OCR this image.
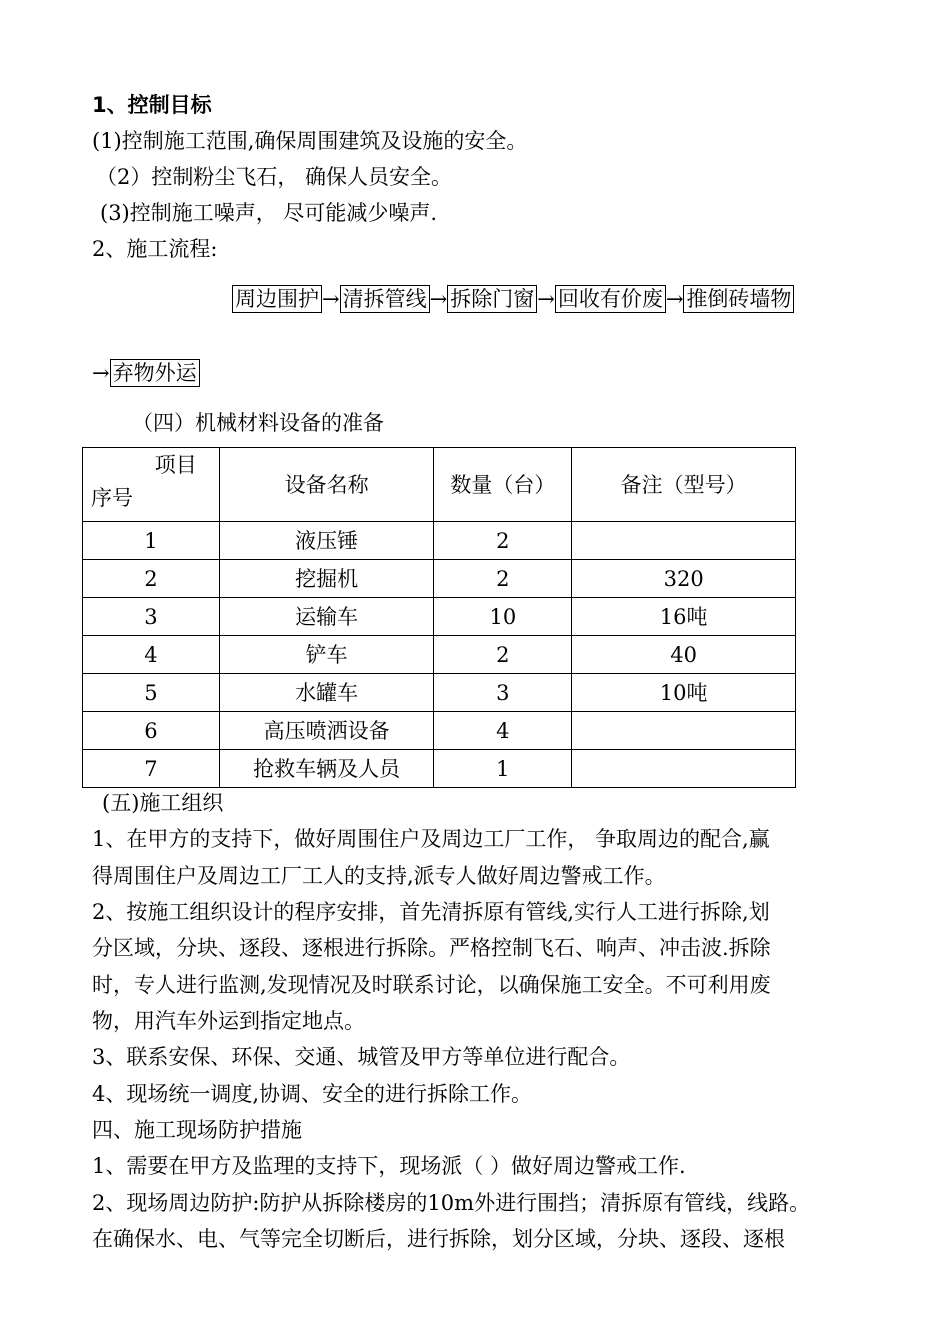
1、控制目标
(1)控制施工范围,确保周围建筑及设施的安全。
（2）控制粉尘飞石， 确保人员安全。
(3)控制施工噪声， 尽可能减少噪声.
2、施工流程:
周边围护 → 清拆管线 → 拆除门窗 → 回收有价废 → 推倒砖墙物
→ 弃物外运
（四）机械材料设备的准备
项目
序号	设备名称	数量（台）	备注（型号）
1	液压锤	2	
2	挖掘机	2	320
3	运输车	10	16吨
4	铲车	2	40
5	水罐车	3	10吨
6	高压喷洒设备	4	
7	抢救车辆及人员	1	
(五)施工组织
1、在甲方的支持下，做好周围住户及周边工厂工作， 争取周边的配合,赢
得周围住户及周边工厂工人的支持,派专人做好周边警戒工作。
2、按施工组织设计的程序安排，首先清拆原有管线,实行人工进行拆除,划
分区域，分块、逐段、逐根进行拆除。严格控制飞石、响声、冲击波.拆除
时，专人进行监测,发现情况及时联系讨论，以确保施工安全。不可利用废
物，用汽车外运到指定地点。
3、联系安保、环保、交通、城管及甲方等单位进行配合。
4、现场统一调度,协调、安全的进行拆除工作。
四、施工现场防护措施
1、需要在甲方及监理的支持下，现场派（ ）做好周边警戒工作.
2、现场周边防护:防护从拆除楼房的10m外进行围挡；清拆原有管线，线路。
在确保水、电、气等完全切断后，进行拆除，划分区域，分块、逐段、逐根
